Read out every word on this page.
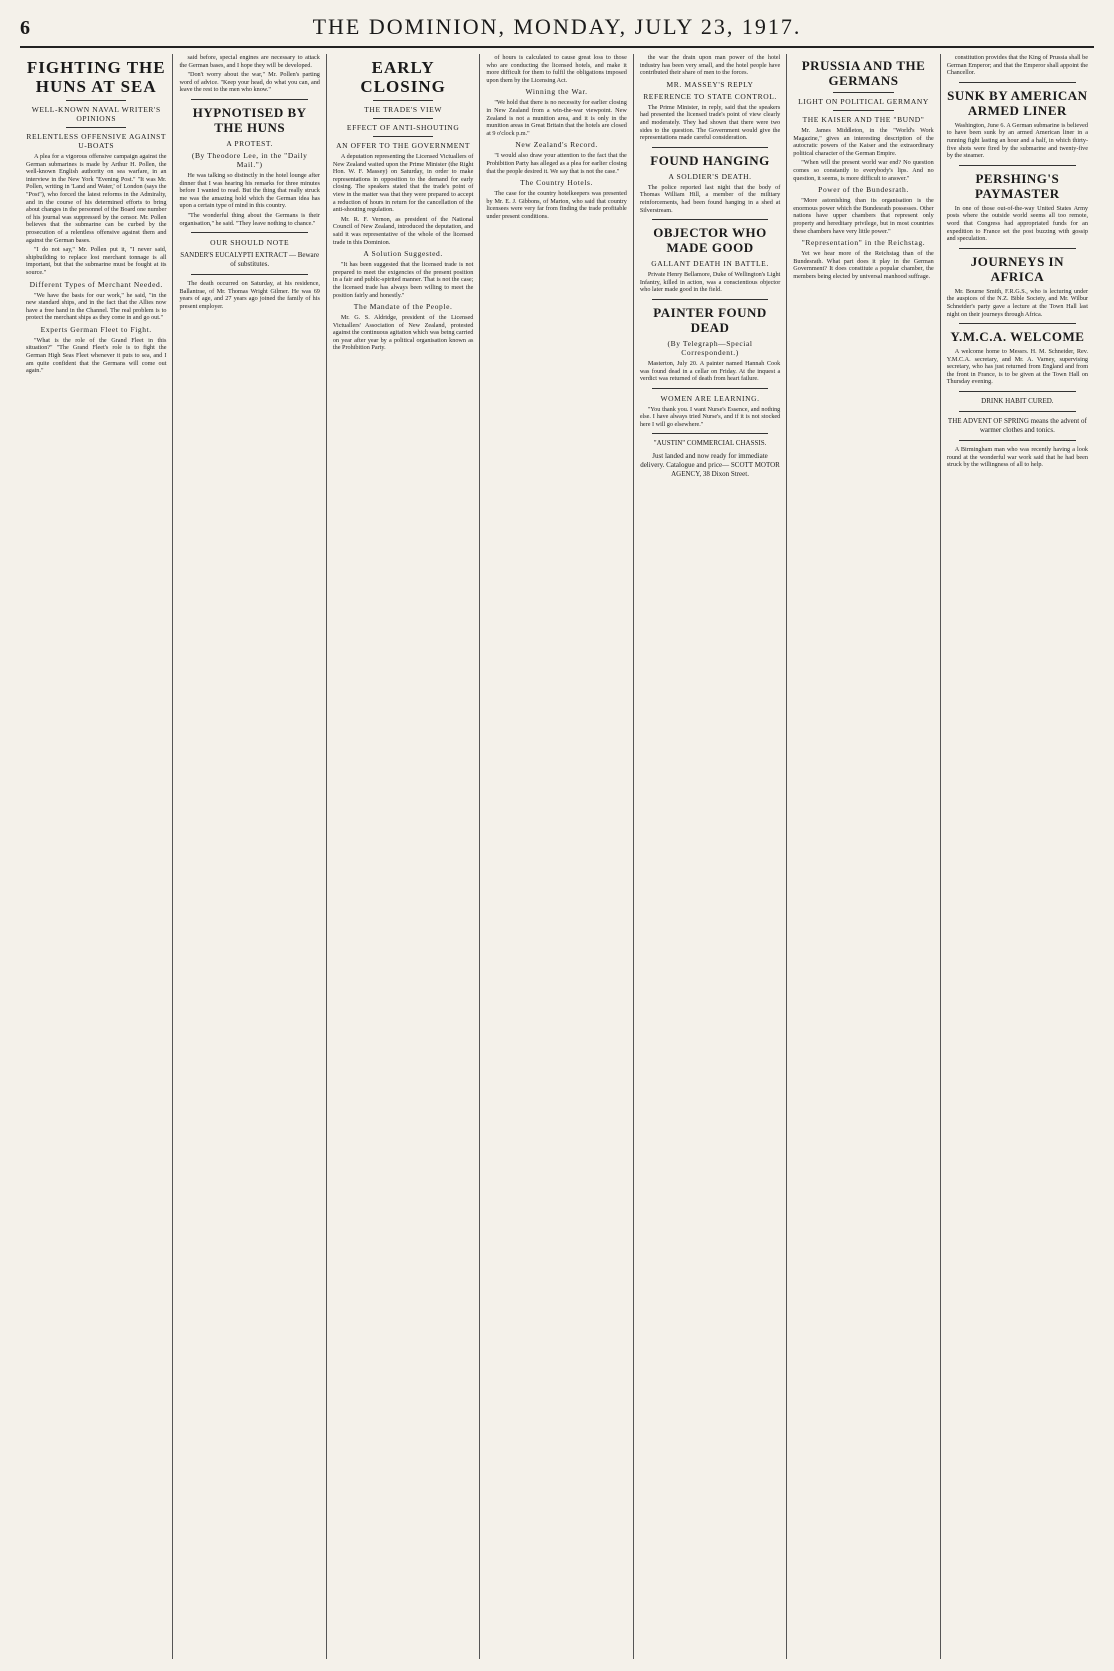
6	THE DOMINION, MONDAY, JULY 23, 1917.
FIGHTING THE HUNS AT SEA
WELL-KNOWN NAVAL WRITER'S OPINIONS
RELENTLESS OFFENSIVE AGAINST U-BOATS

A plea for a vigorous offensive campaign against the German submarines is made by Arthur H. Pollen, the well-known English authority on sea warfare, in an interview in the New York "Evening Post." "It was Mr. Pollen, writing in 'Land and Water,' of London (says the "Post"), who forced the latest reforms in the Admiralty, and in the course of his determined efforts to bring about changes in the personnel of the Board one number of his journal was suppressed by the censor. Mr. Pollen believes that the submarine can be curbed by the prosecution of a relentless offensive against them and against the German bases.

"I do not say," Mr. Pollen put it, "I never said, shipbuilding to replace lost merchant tonnage is all important, but that the submarine must be fought at its source."

Different Types of Merchant Needed.

"We have the basis for our work," he said, "in the new standard ships, and in the fact that the Allies now have a free hand in the Channel. The real problem is to protect the merchant ships as they come in and go out."

Experts German Fleet to Fight.

"What is the role of the Grand Fleet in this situation?" "The Grand Fleet's role is to fight the German High Seas Fleet whenever it puts to sea, and I am quite confident that the Germans will come out again."

said before, special engines are necessary to attack the German bases, and I hope they will be developed.

"Don't worry about the war," Mr. Pollen's parting word of advice. "Keep your head, do what you can, and leave the rest to the men who know."

HYPNOTISED BY THE HUNS
A PROTEST.
(By Theodore Lee, in the "Daily Mail.")

He was talking so distinctly in the hotel lounge after dinner that I was hearing his remarks for three minutes before I wanted to read. But the thing that really struck me was the amazing hold which the German idea has upon a certain type of mind in this country.

"The wonderful thing about the Germans is their organisation," he said. "They leave nothing to chance."

OUR SHOULD NOTE
SANDER'S EUCALYPTI EXTRACT — Beware of substitutes.

The death occurred on Saturday, at his residence, Ballantrae, of Mr. Thomas Wright Gilmer. He was 69 years of age, and 27 years ago joined the family of his present employer.

EARLY CLOSING
THE TRADE'S VIEW
EFFECT OF ANTI-SHOUTING
AN OFFER TO THE GOVERNMENT

A deputation representing the Licensed Victuallers of New Zealand waited upon the Prime Minister (the Right Hon. W. F. Massey) on Saturday, in order to make representations in opposition to the demand for early closing. The speakers stated that the trade's point of view in the matter was that they were prepared to accept a reduction of hours in return for the cancellation of the anti-shouting regulation.

Mr. R. F. Vernon, as president of the National Council of New Zealand, introduced the deputation, and said it was representative of the whole of the licensed trade in this Dominion.

A Solution Suggested.

"It has been suggested that the licensed trade is not prepared to meet the exigencies of the present position in a fair and public-spirited manner. That is not the case; the licensed trade has always been willing to meet the position fairly and honestly."

The Mandate of the People.

Mr. G. S. Aldridge, president of the Licensed Victuallers' Association of New Zealand, protested against the continuous agitation which was being carried on year after year by a political organisation known as the Prohibition Party.

of hours is calculated to cause great loss to those who are conducting the licensed hotels, and make it more difficult for them to fulfil the obligations imposed upon them by the Licensing Act.

Winning the War.

"We hold that there is no necessity for earlier closing in New Zealand from a win-the-war viewpoint. New Zealand is not a munition area, and it is only in the munition areas in Great Britain that the hotels are closed at 9 o'clock p.m."

New Zealand's Record.

"I would also draw your attention to the fact that the Prohibition Party has alleged as a plea for earlier closing that the people desired it. We say that is not the case."

The Country Hotels.

The case for the country hotelkeepers was presented by Mr. E. J. Gibbons, of Marton, who said that country licensees were very far from finding the trade profitable under present conditions.

the war the drain upon man power of the hotel industry has been very small, and the hotel people have contributed their share of men to the forces.

MR. MASSEY'S REPLY
REFERENCE TO STATE CONTROL.

The Prime Minister, in reply, said that the speakers had presented the licensed trade's point of view clearly and moderately. They had shown that there were two sides to the question. The Government would give the representations made careful consideration.

FOUND HANGING
A SOLDIER'S DEATH.

The police reported last night that the body of Thomas William Hill, a member of the military reinforcements, had been found hanging in a shed at Silverstream.

OBJECTOR WHO MADE GOOD
GALLANT DEATH IN BATTLE.

Private Henry Bellamore, Duke of Wellington's Light Infantry, killed in action, was a conscientious objector who later made good in the field.

PAINTER FOUND DEAD
(By Telegraph—Special Correspondent.)

Masterton, July 20. A painter named Hannah Cook was found dead in a cellar on Friday. At the inquest a verdict was returned of death from heart failure.

WOMEN ARE LEARNING.

"You thank you. I want Nurse's Essence, and nothing else. I have always tried Nurse's, and if it is not stocked here I will go elsewhere."

"AUSTIN" COMMERCIAL CHASSIS.
Just landed and now ready for immediate delivery. Catalogue and price— SCOTT MOTOR AGENCY, 38 Dixon Street.
PRUSSIA AND THE GERMANS
LIGHT ON POLITICAL GERMANY
THE KAISER AND THE "BUND"

Mr. James Middleton, in the "World's Work Magazine," gives an interesting description of the autocratic powers of the Kaiser and the extraordinary political character of the German Empire.

"When will the present world war end? No question comes so constantly to everybody's lips. And no question, it seems, is more difficult to answer."

Power of the Bundesrath.

"More astonishing than its organisation is the enormous power which the Bundesrath possesses. Other nations have upper chambers that represent only property and hereditary privilege, but in most countries these chambers have very little power."

"Representation" in the Reichstag.

Yet we hear more of the Reichstag than of the Bundesrath. What part does it play in the German Government? It does constitute a popular chamber, the members being elected by universal manhood suffrage.

constitution provides that the King of Prussia shall be German Emperor; and that the Emperor shall appoint the Chancellor.

SUNK BY AMERICAN ARMED LINER

Washington, June 6. A German submarine is believed to have been sunk by an armed American liner in a running fight lasting an hour and a half, in which thirty-five shots were fired by the submarine and twenty-five by the steamer.

PERSHING'S PAYMASTER

In one of those out-of-the-way United States Army posts where the outside world seems all too remote, word that Congress had appropriated funds for an expedition to France set the post buzzing with gossip and speculation.

JOURNEYS IN AFRICA

Mr. Bourne Smith, F.R.G.S., who is lecturing under the auspices of the N.Z. Bible Society, and Mr. Wilbur Schneider's party gave a lecture at the Town Hall last night on their journeys through Africa.

Y.M.C.A. WELCOME

A welcome home to Messrs. H. M. Schneider, Rev. Y.M.C.A. secretary, and Mr. A. Varney, supervising secretary, who has just returned from England and from the front in France, is to be given at the Town Hall on Thursday evening.

DRINK HABIT CURED.
THE ADVENT OF SPRING means the advent of warmer clothes and tonics.

A Birmingham man who was recently having a look round at the wonderful war work said that he had been struck by the willingness of all to help.
